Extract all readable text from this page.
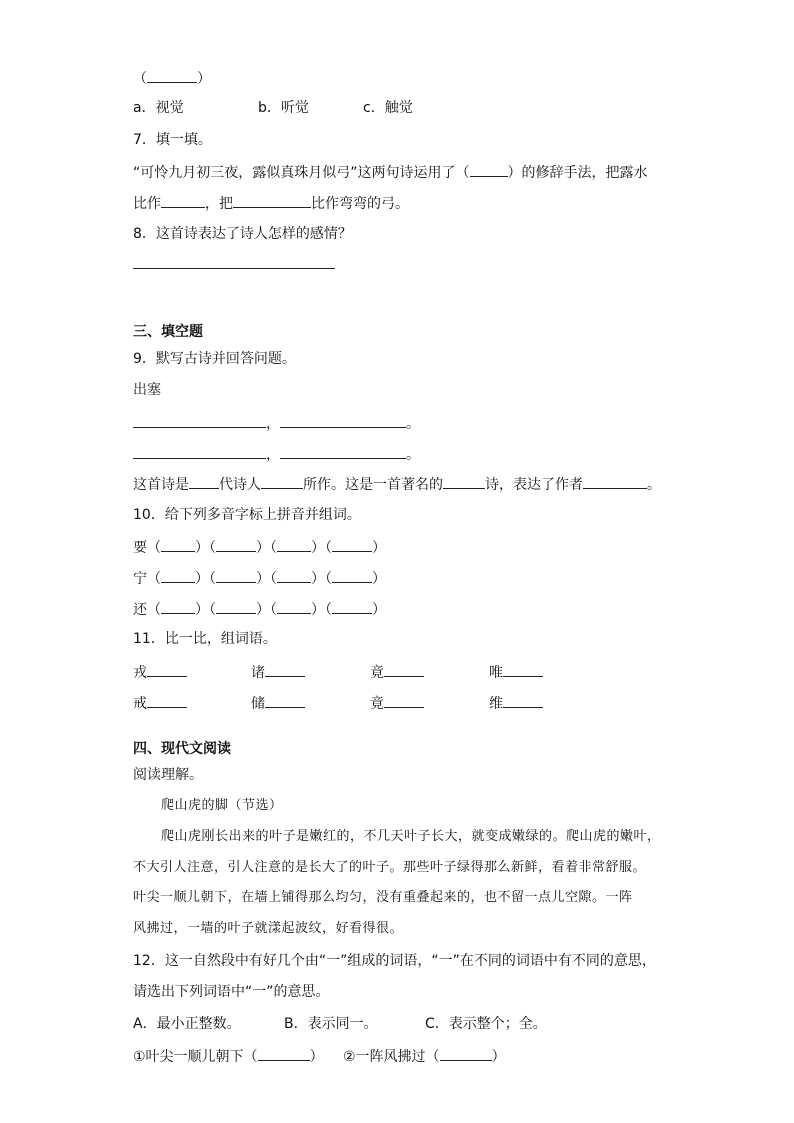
（	）
a．视觉	b．听觉	c．触觉
7．填一填。
“可怜九月初三夜，露似真珠月似弓”这两句诗运用了（	）的修辞手法，把露水
比作	，把	比作弯弯的弓。
8．这首诗表达了诗人怎样的感情？
三、填空题
9．默写古诗并回答问题。
出塞
，	。
，	。
这首诗是 代诗人	所作。这是一首著名的	诗，表达了作者	。
10．给下列多音字标上拼音并组词。
要（ ）（	）（ ）（	）
宁（ ）（	）（ ）（	）
还（ ）（	）（ ）（	）
11．比一比，组词语。
戎	诸	竟	唯
戒	储	竟	维
四、现代文阅读
阅读理解。
爬山虎的脚（节选）
爬山虎刚长出来的叶子是嫩红的，不几天叶子长大，就变成嫩绿的。爬山虎的嫩叶，
不大引人注意，引人注意的是长大了的叶子。那些叶子绿得那么新鲜，看着非常舒服。
叶尖一顺儿朝下，在墙上铺得那么均匀，没有重叠起来的，也不留一点儿空隙。一阵
风拂过，一墙的叶子就漾起波纹，好看得很。
12．这一自然段中有好几个由“一”组成的词语，“一”在不同的词语中有不同的意思，
请选出下列词语中“一”的意思。
A．最小正整数。	B．表示同一。	C．表示整个；全。
①叶尖一顺儿朝下（	） ②一阵风拂过（	）
